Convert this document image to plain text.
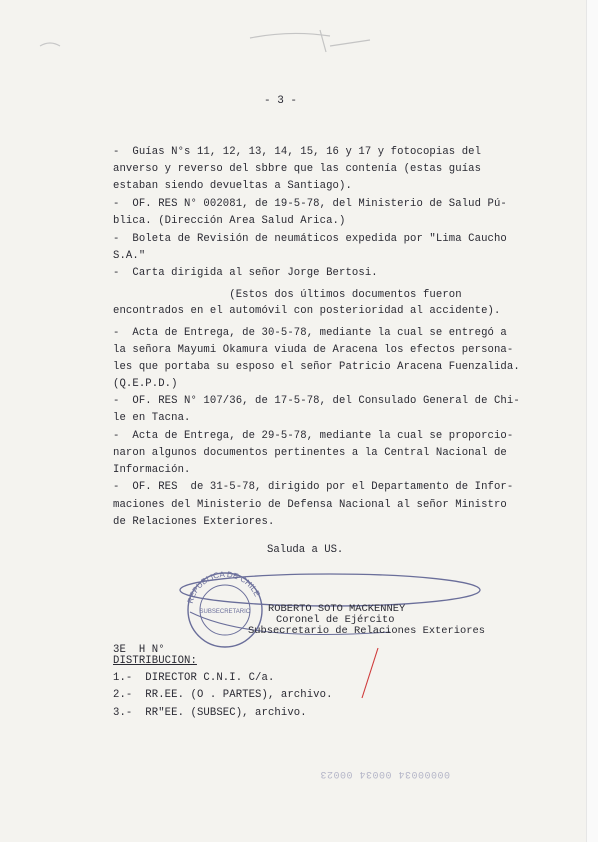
- 3 -
-  Guías N°s 11, 12, 13, 14, 15, 16 y 17 y fotocopias del
anverso y reverso del sbbre que las contenía (estas guías
estaban siendo devueltas a Santiago).
-  OF. RES N° 002081, de 19-5-78, del Ministerio de Salud Pú-
blica. (Dirección Area Salud Arica.)
-  Boleta de Revisión de neumáticos expedida por "Lima Caucho
S.A."
-  Carta dirigida al señor Jorge Bertosi.
(Estos dos últimos documentos fueron
encontrados en el automóvil con posterioridad al accidente).
-  Acta de Entrega, de 30-5-78, mediante la cual se entregó a
la señora Mayumi Okamura viuda de Aracena los efectos persona-
les que portaba su esposo el señor Patricio Aracena Fuenzalida.
(Q.E.P.D.)
-  OF. RES N° 107/36, de 17-5-78, del Consulado General de Chi-
le en Tacna.
-  Acta de Entrega, de 29-5-78, mediante la cual se proporcio-
naron algunos documentos pertinentes a la Central Nacional de
Información.
-  OF. RES  de 31-5-78, dirigido por el Departamento de Infor-
maciones del Ministerio de Defensa Nacional al señor Ministro
de Relaciones Exteriores.
Saluda a US.
REPUBLICA DE CHILE
SUBSECRETARIO ROBERTO SOTO MACKENNEY
Coronel de Ejército
Subsecretario de Relaciones Exteriores
3E  H N°
DISTRIBUCION:
1.-  DIRECTOR C.N.I. C/a.
2.-  RR.EE. (O . PARTES), archivo.
3.-  RR"EE. (SUBSEC), archivo.
00000034 00034 00023
